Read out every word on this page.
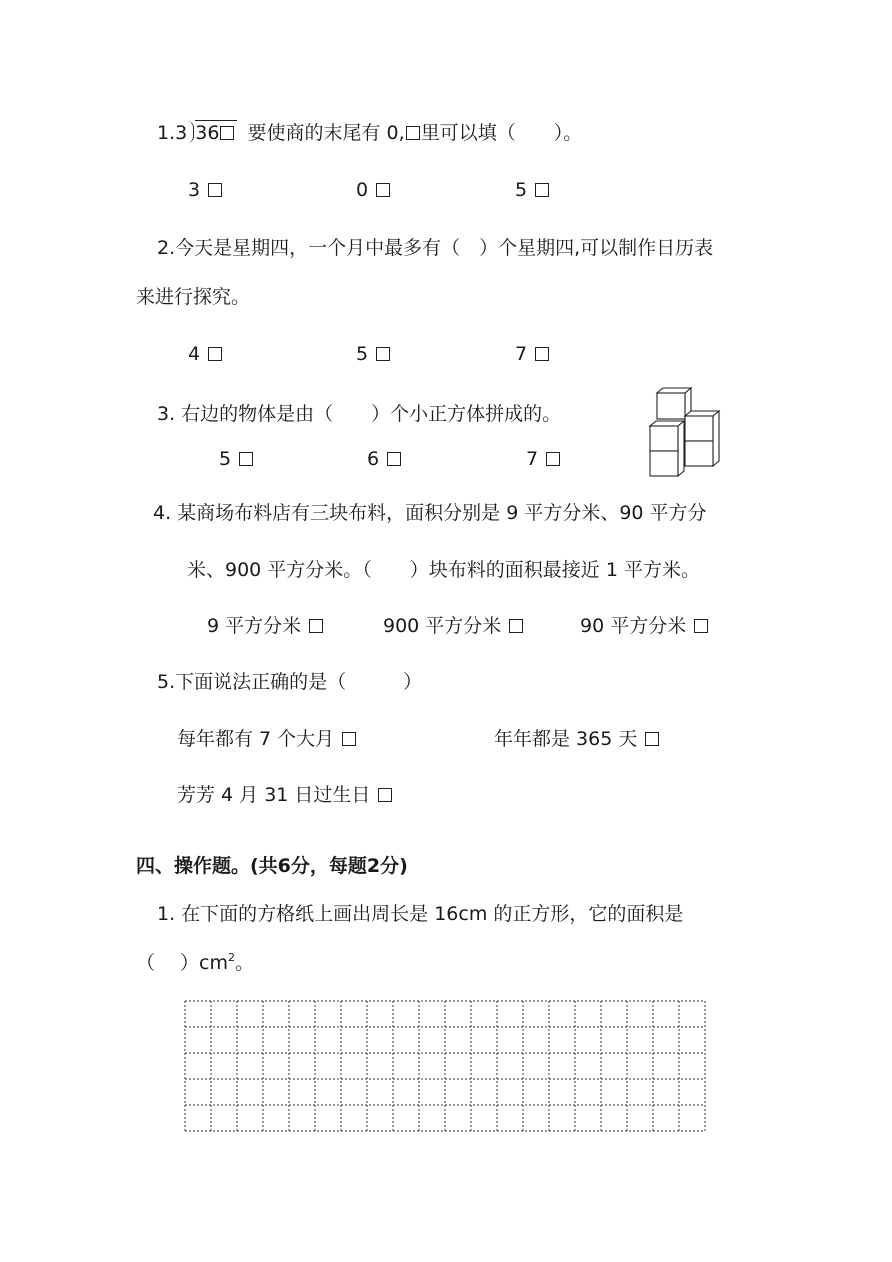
1.3 36 要使商的末尾有 0, 里可以填（　　）。
3	0	5
2.今天是星期四，一个月中最多有（　）个星期四,可以制作日历表
来进行探究。
4	5	7
3. 右边的物体是由（　　）个小正方体拼成的。
5	6	7
4. 某商场布料店有三块布料，面积分别是 9 平方分米、90 平方分
米、900 平方分米。（　　）块布料的面积最接近 1 平方米。
9 平方分米	900 平方分米	90 平方分米
5.下面说法正确的是（　　　）
每年都有 7 个大月	年年都是 365 天
芳芳 4 月 31 日过生日
四、操作题。(共6分，每题2分)
1. 在下面的方格纸上画出周长是 16cm 的正方形，它的面积是
（　 ）$cm^2$。
